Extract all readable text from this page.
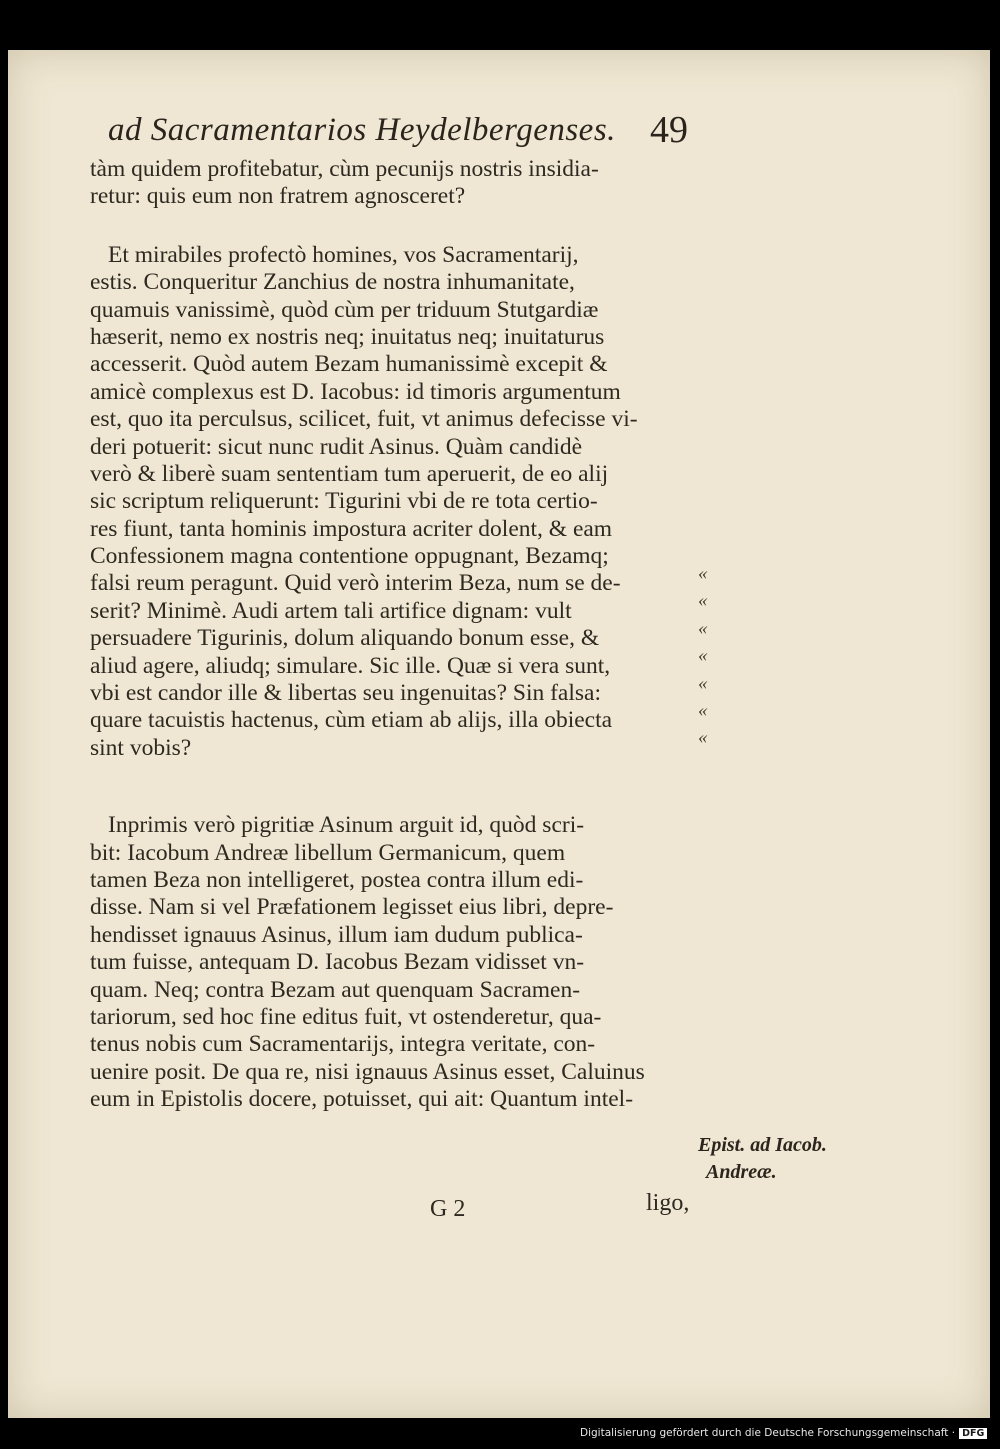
ad Sacramentarios Heydelbergenses. 49
tàm quidem profitebatur, cùm pecunijs nostris insidia-
retur: quis eum non fratrem agnosceret?
Et mirabiles profectò homines, vos Sacramentarij,
estis. Conqueritur Zanchius de nostra inhumanitate,
quamuis vanissimè, quòd cùm per triduum Stutgardiæ
hæserit, nemo ex nostris neq; inuitatus neq; inuitaturus
accesserit. Quòd autem Bezam humanissimè excepit &
amicè complexus est D. Iacobus: id timoris argumentum
est, quo ita perculsus, scilicet, fuit, vt animus defecisse vi-
deri potuerit: sicut nunc rudit Asinus. Quàm candidè
verò & liberè suam sententiam tum aperuerit, de eo alij
sic scriptum reliquerunt: Tigurini vbi de re tota certio-
res fiunt, tanta hominis impostura acriter dolent, & eam
Confessionem magna contentione oppugnant, Bezamq;
falsi reum peragunt. Quid verò interim Beza, num se de-
serit? Minimè. Audi artem tali artifice dignam: vult
persuadere Tigurinis, dolum aliquando bonum esse, &
aliud agere, aliudq; simulare. Sic ille. Quæ si vera sunt,
vbi est candor ille & libertas seu ingenuitas? Sin falsa:
quare tacuistis hactenus, cùm etiam ab alijs, illa obiecta
sint vobis?
Inprimis verò pigritiæ Asinum arguit id, quòd scri-
bit: Iacobum Andreæ libellum Germanicum, quem
tamen Beza non intelligeret, postea contra illum edi-
disse. Nam si vel Præfationem legisset eius libri, depre-
hendisset ignauus Asinus, illum iam dudum publica-
tum fuisse, antequam D. Iacobus Bezam vidisset vn-
quam. Neq; contra Bezam aut quenquam Sacramen-
tariorum, sed hoc fine editus fuit, vt ostenderetur, qua-
tenus nobis cum Sacramentarijs, integra veritate, con-
uenire posit. De qua re, nisi ignauus Asinus esset, Caluinus
eum in Epistolis docere, potuisset, qui ait: Quantum intel-
«
«
«
«
«
«
«
Epist. ad Iacob.
Andreæ.
G 2	ligo,
Digitalisierung gefördert durch die Deutsche Forschungsgemeinschaft · DFG
